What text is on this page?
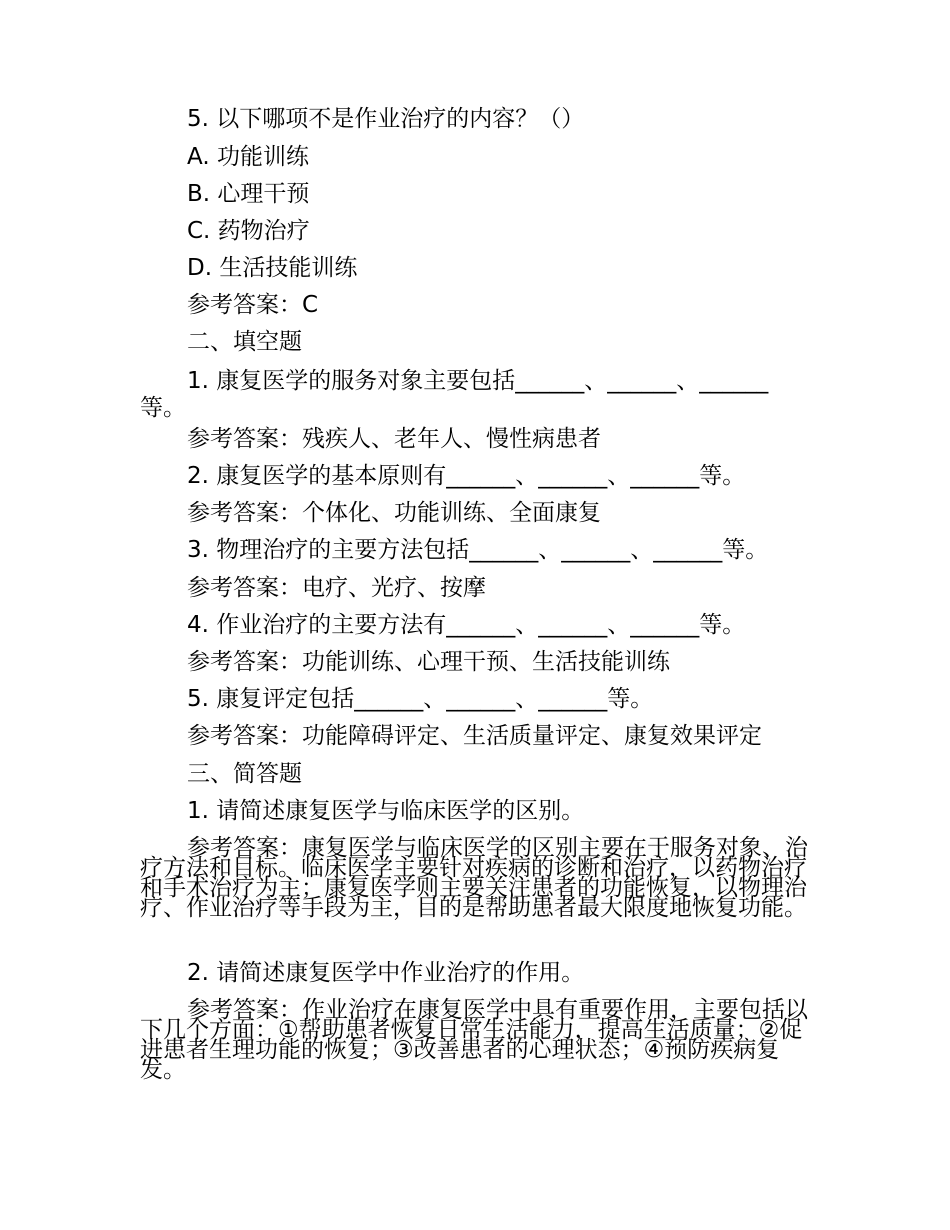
5. 以下哪项不是作业治疗的内容？（）
A. 功能训练
B. 心理干预
C. 药物治疗
D. 生活技能训练
参考答案：C
二、填空题
1. 康复医学的服务对象主要包括______、______、______等。
参考答案：残疾人、老年人、慢性病患者
2. 康复医学的基本原则有______、______、______等。
参考答案：个体化、功能训练、全面康复
3. 物理治疗的主要方法包括______、______、______等。
参考答案：电疗、光疗、按摩
4. 作业治疗的主要方法有______、______、______等。
参考答案：功能训练、心理干预、生活技能训练
5. 康复评定包括______、______、______等。
参考答案：功能障碍评定、生活质量评定、康复效果评定
三、简答题
1. 请简述康复医学与临床医学的区别。
参考答案：康复医学与临床医学的区别主要在于服务对象、治疗方法和目标。临床医学主要针对疾病的诊断和治疗，以药物治疗和手术治疗为主；康复医学则主要关注患者的功能恢复，以物理治疗、作业治疗等手段为主，目的是帮助患者最大限度地恢复功能。
2. 请简述康复医学中作业治疗的作用。
参考答案：作业治疗在康复医学中具有重要作用，主要包括以下几个方面：①帮助患者恢复日常生活能力，提高生活质量；②促进患者生理功能的恢复；③改善患者的心理状态；④预防疾病复发。
